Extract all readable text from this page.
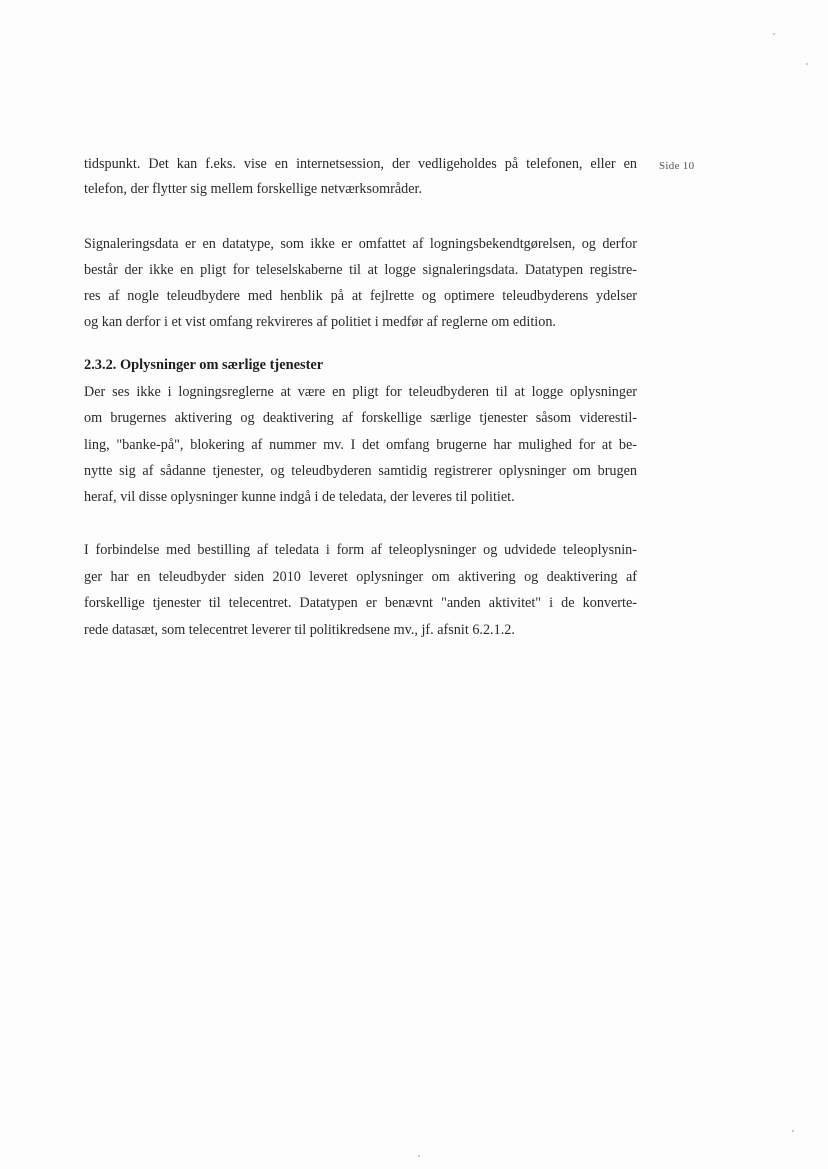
Side 10
tidspunkt. Det kan f.eks. vise en internetsession, der vedligeholdes på telefonen, eller en
telefon, der flytter sig mellem forskellige netværksområder.
Signaleringsdata er en datatype, som ikke er omfattet af logningsbekendtgørelsen, og derfor
består der ikke en pligt for teleselskaberne til at logge signaleringsdata. Datatypen registre-
res af nogle teleudbydere med henblik på at fejlrette og optimere teleudbyderens ydelser
og kan derfor i et vist omfang rekvireres af politiet i medfør af reglerne om edition.
2.3.2. Oplysninger om særlige tjenester
Der ses ikke i logningsreglerne at være en pligt for teleudbyderen til at logge oplysninger
om brugernes aktivering og deaktivering af forskellige særlige tjenester såsom viderestil-
ling, "banke-på", blokering af nummer mv. I det omfang brugerne har mulighed for at be-
nytte sig af sådanne tjenester, og teleudbyderen samtidig registrerer oplysninger om brugen
heraf, vil disse oplysninger kunne indgå i de teledata, der leveres til politiet.
I forbindelse med bestilling af teledata i form af teleoplysninger og udvidede teleoplysnin-
ger har en teleudbyder siden 2010 leveret oplysninger om aktivering og deaktivering af
forskellige tjenester til telecentret. Datatypen er benævnt "anden aktivitet" i de konverte-
rede datasæt, som telecentret leverer til politikredsene mv., jf. afsnit 6.2.1.2.
